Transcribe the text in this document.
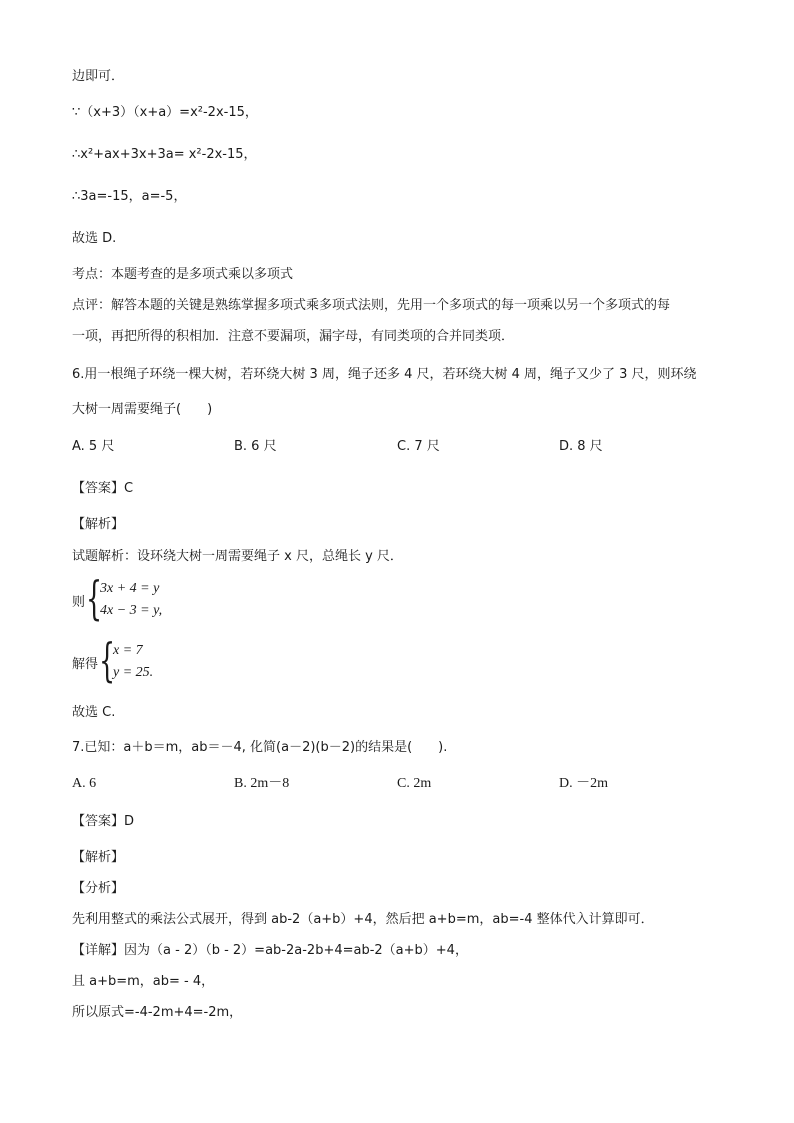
边即可．
∵（x+3）（x+a）=x²-2x-15，
∴x²+ax+3x+3a= x²-2x-15，
∴3a=-15，a=-5，
故选 D.
考点：本题考查的是多项式乘以多项式
点评：解答本题的关键是熟练掌握多项式乘多项式法则，先用一个多项式的每一项乘以另一个多项式的每
一项，再把所得的积相加．注意不要漏项，漏字母，有同类项的合并同类项．
6.用一根绳子环绕一棵大树，若环绕大树 3 周，绳子还多 4 尺，若环绕大树 4 周，绳子又少了 3 尺，则环绕
大树一周需要绳子(　　)
A. 5 尺	B. 6 尺	C. 7 尺	D. 8 尺
【答案】C
【解析】
试题解析：设环绕大树一周需要绳子 x 尺，总绳长 y 尺．
则 {
3x + 4 = y
4x − 3 = y,
解得 {
x = 7
y = 25.
故选 C.
7.已知：a＋b＝m，ab＝－4, 化简(a－2)(b－2)的结果是(　　).
A. 6	B. 2m－8	C. 2m	D. －2m
【答案】D
【解析】
【分析】
先利用整式的乘法公式展开，得到 ab-2（a+b）+4，然后把 a+b=m，ab=-4 整体代入计算即可．
【详解】因为（a - 2）（b - 2）=ab-2a-2b+4=ab-2（a+b）+4，
且 a+b=m，ab= - 4，
所以原式=-4-2m+4=-2m，
